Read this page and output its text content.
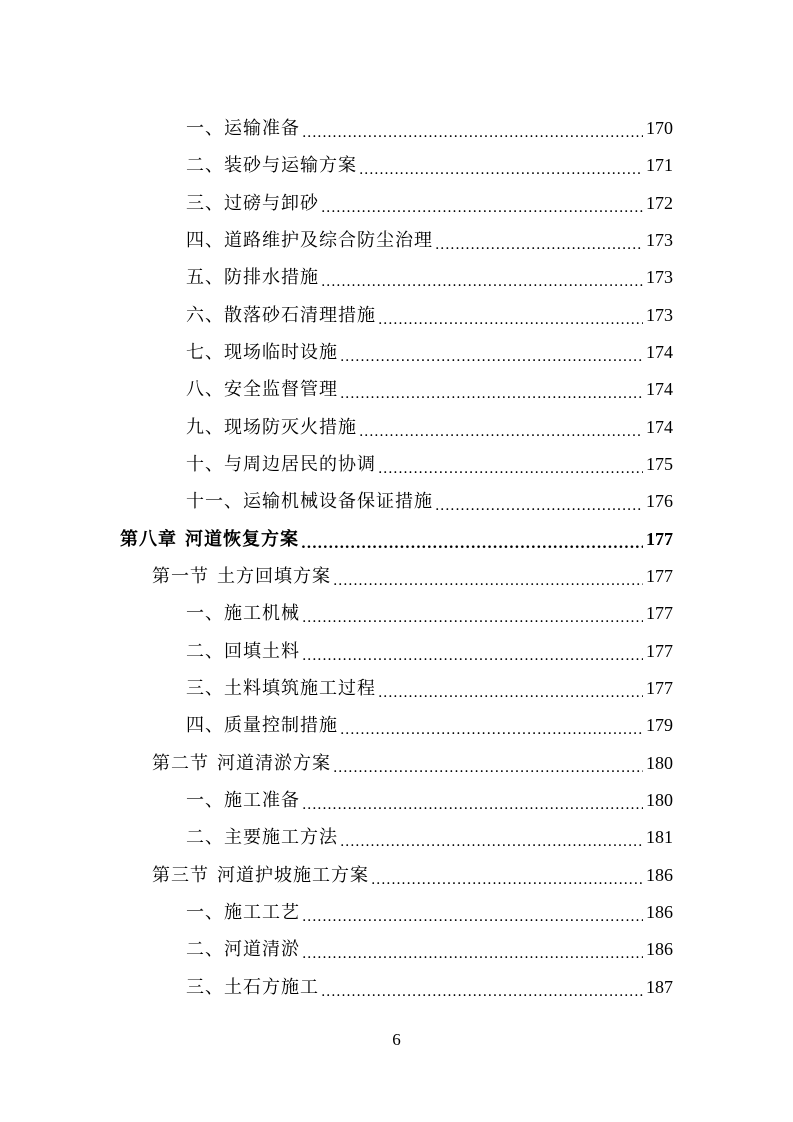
一、运输准备 .....	170
二、装砂与运输方案 .....	171
三、过磅与卸砂 .....	172
四、道路维护及综合防尘治理 .....	173
五、防排水措施 .....	173
六、散落砂石清理措施 .....	173
七、现场临时设施 .....	174
八、安全监督管理 .....	174
九、现场防灭火措施 .....	174
十、与周边居民的协调 .....	175
十一、运输机械设备保证措施 .....	176
第八章 河道恢复方案 .....	177
第一节 土方回填方案 .....	177
一、施工机械 .....	177
二、回填土料 .....	177
三、土料填筑施工过程 .....	177
四、质量控制措施 .....	179
第二节 河道清淤方案 .....	180
一、施工准备 .....	180
二、主要施工方法 .....	181
第三节 河道护坡施工方案 .....	186
一、施工工艺 .....	186
二、河道清淤 .....	186
三、土石方施工 .....	187
6
